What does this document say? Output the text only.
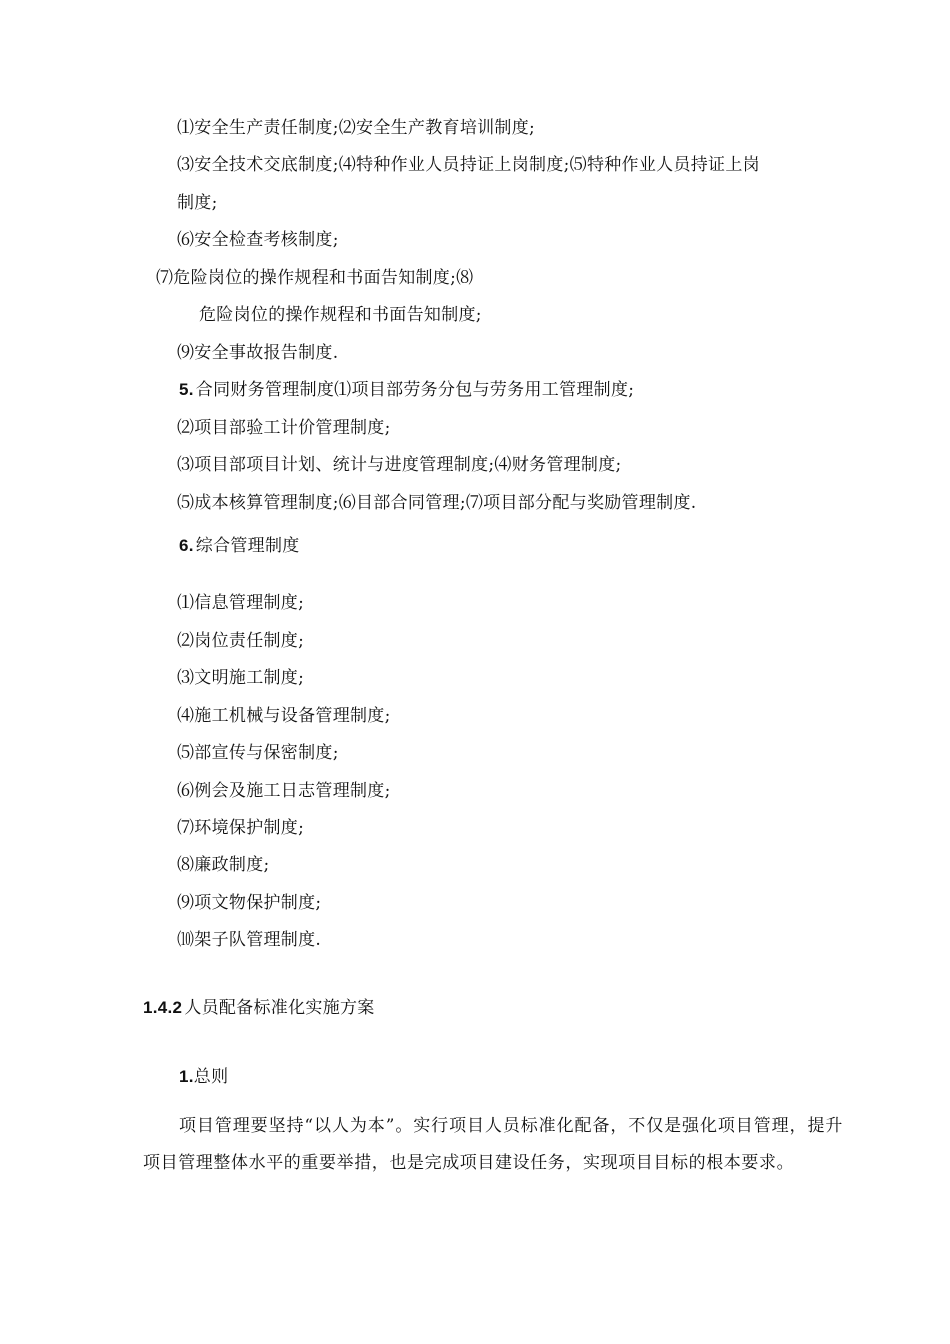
⑴安全生产责任制度;⑵安全生产教育培训制度;
⑶安全技术交底制度;⑷特种作业人员持证上岗制度;⑸特种作业人员持证上岗
制度;
⑹安全检查考核制度;
⑺危险岗位的操作规程和书面告知制度;⑻
危险岗位的操作规程和书面告知制度;
⑼安全事故报告制度.
5. 合同财务管理制度⑴项目部劳务分包与劳务用工管理制度;
⑵项目部验工计价管理制度;
⑶项目部项目计划、统计与进度管理制度;⑷财务管理制度;
⑸成本核算管理制度;⑹目部合同管理;⑺项目部分配与奖励管理制度.
6. 综合管理制度
⑴信息管理制度;
⑵岗位责任制度;
⑶文明施工制度;
⑷施工机械与设备管理制度;
⑸部宣传与保密制度;
⑹例会及施工日志管理制度;
⑺环境保护制度;
⑻廉政制度;
⑼项文物保护制度;
⑽架子队管理制度.
1.4.2 人员配备标准化实施方案
1.总则
项目管理要坚持“以人为本”。实行项目人员标准化配备，不仅是强化项目管理，提升项目管理整体水平的重要举措，也是完成项目建设任务，实现项目目标的根本要求。
